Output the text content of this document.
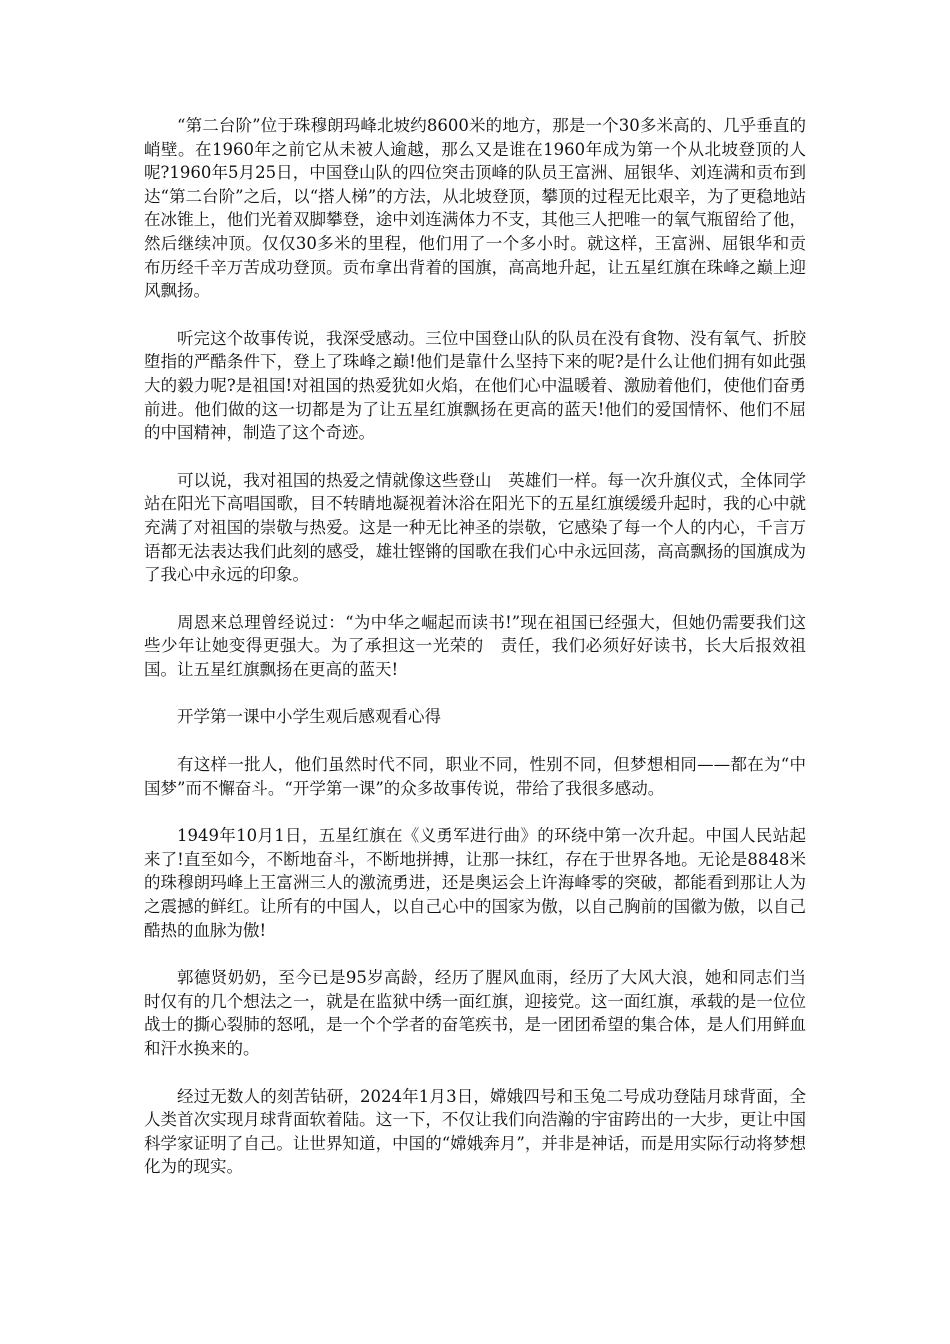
“第二台阶”位于珠穆朗玛峰北坡约8600米的地方，那是一个30多米高的、几乎垂直的峭壁。在1960年之前它从未被人逾越，那么又是谁在1960年成为第一个从北坡登顶的人呢?1960年5月25日，中国登山队的四位突击顶峰的队员王富洲、屈银华、刘连满和贡布到达“第二台阶”之后，以“搭人梯”的方法，从北坡登顶，攀顶的过程无比艰辛，为了更稳地站在冰锥上，他们光着双脚攀登，途中刘连满体力不支，其他三人把唯一的氧气瓶留给了他，然后继续冲顶。仅仅30多米的里程，他们用了一个多小时。就这样，王富洲、屈银华和贡布历经千辛万苦成功登顶。贡布拿出背着的国旗，高高地升起，让五星红旗在珠峰之巅上迎风飘扬。

听完这个故事传说，我深受感动。三位中国登山队的队员在没有食物、没有氧气、折胶堕指的严酷条件下，登上了珠峰之巅!他们是靠什么坚持下来的呢?是什么让他们拥有如此强大的毅力呢?是祖国!对祖国的热爱犹如火焰，在他们心中温暖着、激励着他们，使他们奋勇前进。他们做的这一切都是为了让五星红旗飘扬在更高的蓝天!他们的爱国情怀、他们不屈的中国精神，制造了这个奇迹。

可以说，我对祖国的热爱之情就像这些登山　英雄们一样。每一次升旗仪式，全体同学站在阳光下高唱国歌，目不转睛地凝视着沐浴在阳光下的五星红旗缓缓升起时，我的心中就充满了对祖国的崇敬与热爱。这是一种无比神圣的崇敬，它感染了每一个人的内心，千言万语都无法表达我们此刻的感受，雄壮铿锵的国歌在我们心中永远回荡，高高飘扬的国旗成为了我心中永远的印象。

周恩来总理曾经说过：“为中华之崛起而读书!”现在祖国已经强大，但她仍需要我们这些少年让她变得更强大。为了承担这一光荣的　责任，我们必须好好读书，长大后报效祖国。让五星红旗飘扬在更高的蓝天!

开学第一课中小学生观后感观看心得

有这样一批人，他们虽然时代不同，职业不同，性别不同，但梦想相同——都在为“中国梦”而不懈奋斗。“开学第一课”的众多故事传说，带给了我很多感动。

1949年10月1日，五星红旗在《义勇军进行曲》的环绕中第一次升起。中国人民站起来了!直至如今，不断地奋斗，不断地拼搏，让那一抹红，存在于世界各地。无论是8848米的珠穆朗玛峰上王富洲三人的激流勇进，还是奥运会上许海峰零的突破，都能看到那让人为之震撼的鲜红。让所有的中国人，以自己心中的国家为傲，以自己胸前的国徽为傲，以自己酷热的血脉为傲!

郭德贤奶奶，至今已是95岁高龄，经历了腥风血雨，经历了大风大浪，她和同志们当时仅有的几个想法之一，就是在监狱中绣一面红旗，迎接党。这一面红旗，承载的是一位位战士的撕心裂肺的怒吼，是一个个学者的奋笔疾书，是一团团希望的集合体，是人们用鲜血和汗水换来的。

经过无数人的刻苦钻研，2024年1月3日，嫦娥四号和玉兔二号成功登陆月球背面，全人类首次实现月球背面软着陆。这一下，不仅让我们向浩瀚的宇宙跨出的一大步，更让中国科学家证明了自己。让世界知道，中国的“嫦娥奔月”，并非是神话，而是用实际行动将梦想化为的现实。
